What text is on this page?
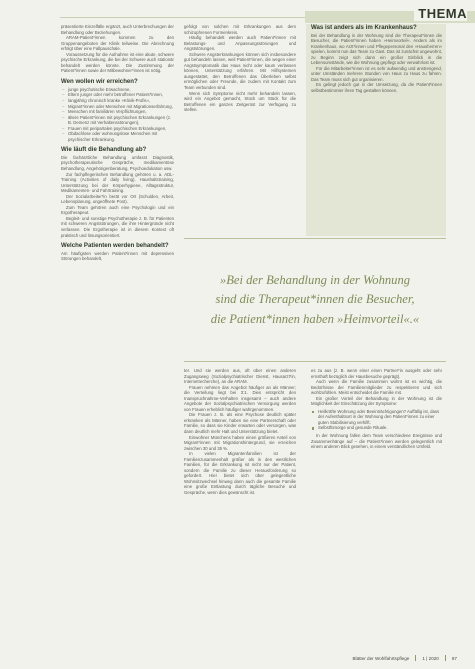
THEMA

präsentierte Einzelfälle ergänzt, auch Unterbrechungen der Behandlung oder Beziehungen.

ARAM-Patient*innen kommen zu den Gruppenangeboten der Klinik teilweise. Die Abrechnung erfolgt über eine Fallpauschale.

Voraussetzung für die Aufnahme ist eine akute, schwere psychische Erkrankung, die bei der Schwere auch stationär behandelt werden könnte. Die Zustimmung der Patient*innen sowie der Mitbewohner*innen ist nötig.

Wen wollen wir erreichen?
– junge psychotische Erwachsene,
– Eltern junger oder mehr betroffener Patient*innen,
– langjährig chronisch kranke »Klinik-Profis«,
– Migrant*innen oder Menschen mit Migrationserfahrung,
– Menschen mit familiären Verpflichtungen,
– ältere Patient*innen mit psychischen Erkrankungen (z. B. Demenz mit Verhaltensstörungen),
– Frauen mit peripartalen psychischen Erkrankungen,
– Obdachlose oder wohnungslose Menschen mit psychischer Erkrankung.
Wie läuft die Behandlung ab?

Die fachärztliche Behandlung umfasst Diagnostik, psychotherapeutische Gespräche, medikamentöse Behandlung, Angehörigenberatung, Psychoedukation usw.

Zur fachpflegerischen Behandlung gehören u. a. ADL-Training (Activities of daily living), Haushaltstraining, Unterstützung bei der Körperhygiene, Alltagsstruktur, Medikamenten- und Fahrtraining.

Der Sozialarbeiter*in berät vor Ort (Schulden, Arbeit, Lebensplanung, ungeöffnete Post).

Zum Team gehören auch eine Psychologin und ein Ergotherapeut.

Begleit- und sonstige Psychotherapie z. B. für Patienten mit schweren Angststörungen, die ihre Hintergründe nicht verlassen. Die Ergotherapie ist in diesem Kontext oft praktisch und lösungsorientiert.

Welche Patienten werden behandelt?

Am häufigsten werden Patient*innen mit depressiven Störungen behandelt,

gefolgt von solchen mit Erkrankungen aus dem schizophrenen Formenkreis.

Häufig behandelt werden auch Patient*innen mit Belastungs- und Anpassungsstörungen und Angststörungen.

Schwere Angsterkrankungen können sich insbesondere gut behandeln lassen, weil Patient*innen, die wegen einer Angstsymptomatik das Haus nicht oder kaum verlassen können, Unterstützung erfahren. Mit Hilfsystemen ausgestattet, den Betroffenen das Überleben selbst ermöglichen oder Freunde, die zudem mit Kontakt zum Team verbunden sind.

Wenn sich Symptome nicht mehr behandeln lassen, wird ein Angebot gemacht, Stück um Stück für die Betroffenen ein ganzes Zeitgerüst zur Verfügung zu stellen.

Was ist anders als im Krankenhaus?

Bei der Behandlung in der Wohnung sind die Therapeut*innen die Besucher, die Patient*innen haben »Heimvorteil«. Anders als im Krankenhaus, wo Arzt*innen und Pflegepersonal den »Hausherren« spielen, kommt nun das Team zu Gast. Das ist zunächst ungewohnt, zu Beginn zeigt sich dann ein großer Einblick in die Lebensumstände, wie die Wohnung gepflegt oder verwahrlost ist.

Für die Mitarbeiter*innen ist es sehr aufwendig und anstrengend, unter Umständen mehrere Stunden von Haus zu Haus zu fahren. Das Team muss sich gut organisieren.

Es gelingt jedoch gut in der Umsetzung, da die Patient*innen selbstbestimmter ihren Tag gestalten können.

»Bei der Behandlung in der Wohnung
sind die Therapeut*innen die Besucher,
die Patient*innen haben »Heimvorteil«.«

ter. Und sie werden aus, oft über einen anderen Zugangsweg (Sozialpsychiatrischer Dienst, Hausarzt*in, Internetrecherche), an die ARAM.

Frauen nehmen das Angebot häufiger an als Männer; die Verteilung liegt bei 3:1. Dies entspricht den Inanspruchnahme-Verhalten insgesamt – auch andere Angebote der Sozialpsychiatrischen Versorgung werden von Frauen erheblich häufiger wahrgenommen.

Die Frauen z. B. als eine Psychose deutlich später erkranken als Männer, haben sie eine Partnerschaft oder Familie, so dass sie Kinder erwarten oder versorgen, was dann deutlich mehr Halt und Unterstützung bietet.

Einwohner Münchens haben einen größeren Anteil von Migrant*innen mit Migrationshintergrund, sie erreichen zwischen 30 und 35 %.

In vielen Migrantenfamilien ist der Familienzusammenhalt größer als in den westlichen Familien, für die Erkrankung ist nicht nur der Patient, sondern die Familie zu dieser Herausforderung so gefordert. Hier bietet sich über gelegentliche Wohnsitzwechsel hinweg dann auch die gesamte Familie eine große Entlastung durch tägliche Besuche und Gespräche, wenn dies gewünscht ist.

es zu aus (z. B. wenn einer einen Partner*in ausgeht oder sehr ernsthaft bezüglich der Hausbesuche geprägt).

Auch wenn die Familie zusammen wohnt ist es wichtig, die Bedürfnisse der Familienmitglieder zu respektieren und sich wohlzufühlen. Meist entscheidet die Familie mit.

Ein großer Vorteil der Behandlung in der Wohnung ist die Möglichkeit der Einschätzung der Symptome:

Heilkräfte Wohnung oder Beeinträchtigungen? Auffällig ist, dass der Aufenthaltsort in der Wohnung den Patient*innen zu einer guten Stabilisierung verhilft.
Selbstfürsorge und gesunde Rituale.

In der Wohnung fallen dem Team verschiedene Ereignisse und Zusammenhänge auf – die Patient*innen werden gelegentlich mit einem anderen Blick gesehen, in einem verständlichen Umfeld.

Blätter der Wohlfahrtspflege	1 | 2020	87
